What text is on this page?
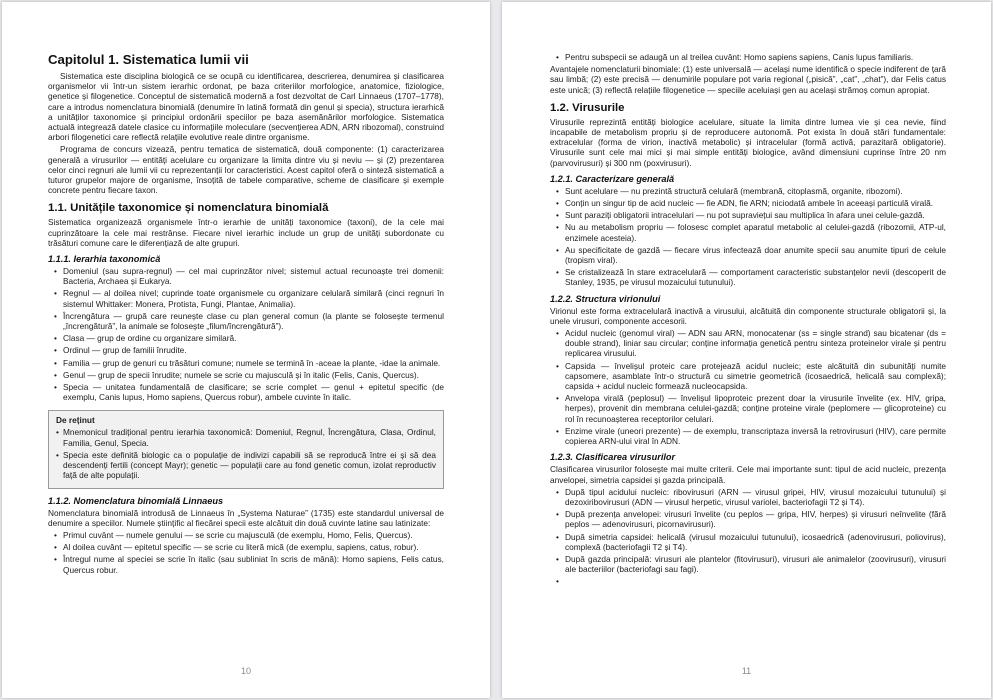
Capitolul 1. Sistematica lumii vii

Sistematica este disciplina biologică ce se ocupă cu identificarea, descrierea, denumirea și clasificarea organismelor vii într-un sistem ierarhic ordonat, pe baza criteriilor morfologice, anatomice, fiziologice, genetice și filogenetice. Conceptul de sistematică modernă a fost dezvoltat de Carl Linnaeus (1707–1778), care a introdus nomenclatura binomială (denumire în latină formată din genul și specia), structura ierarhică a unităților taxonomice și principiul ordonării speciilor pe baza asemănărilor morfologice. Sistematica actuală integrează datele clasice cu informațiile moleculare (secvențierea ADN, ARN ribozomal), construind arbori filogenetici care reflectă relațiile evolutive reale dintre organisme.

Programa de concurs vizează, pentru tematica de sistematică, două componente: (1) caracterizarea generală a virusurilor — entități acelulare cu organizare la limita dintre viu și neviu — și (2) prezentarea celor cinci regnuri ale lumii vii cu reprezentanții lor caracteristici. Acest capitol oferă o sinteză sistematică a tuturor grupelor majore de organisme, însoțită de tabele comparative, scheme de clasificare și exemple concrete pentru fiecare taxon.

1.1. Unitățile taxonomice și nomenclatura binomială

Sistematica organizează organismele într-o ierarhie de unități taxonomice (taxoni), de la cele mai cuprinzătoare la cele mai restrânse. Fiecare nivel ierarhic include un grup de unități subordonate cu trăsături comune care le diferențiază de alte grupuri.

1.1.1. Ierarhia taxonomică
• Domeniul (sau supra-regnul) — cel mai cuprinzător nivel; sistemul actual recunoaște trei domenii: Bacteria, Archaea și Eukarya.
• Regnul — al doilea nivel; cuprinde toate organismele cu organizare celulară similară (cinci regnuri în sistemul Whittaker: Monera, Protista, Fungi, Plantae, Animalia).
• Încrengătura — grupă care reunește clase cu plan general comun (la plante se folosește termenul „încrengătură”, la animale se folosește „filum/încrengătură”).
• Clasa — grup de ordine cu organizare similară.
• Ordinul — grup de familii înrudite.
• Familia — grup de genuri cu trăsături comune; numele se termină în -aceae la plante, -idae la animale.
• Genul — grup de specii înrudite; numele se scrie cu majusculă și în italic (Felis, Canis, Quercus).
• Specia — unitatea fundamentală de clasificare; se scrie complet — genul + epitetul specific (de exemplu, Canis lupus, Homo sapiens, Quercus robur), ambele cuvinte în italic.
De reținut
• Mnemonicul tradițional pentru ierarhia taxonomică: Domeniul, Regnul, Încrengătura, Clasa, Ordinul, Familia, Genul, Specia.
• Specia este definită biologic ca o populație de indivizi capabili să se reproducă între ei și să dea descendenți fertili (concept Mayr); genetic — populații care au fond genetic comun, izolat reproductiv față de alte populații.
1.1.2. Nomenclatura binomială Linnaeus

Nomenclatura binomială introdusă de Linnaeus în „Systema Naturae” (1735) este standardul universal de denumire a speciilor. Numele științific al fiecărei specii este alcătuit din două cuvinte latine sau latinizate:

• Primul cuvânt — numele genului — se scrie cu majusculă (de exemplu, Homo, Felis, Quercus).
• Al doilea cuvânt — epitetul specific — se scrie cu literă mică (de exemplu, sapiens, catus, robur).
• Întregul nume al speciei se scrie în italic (sau subliniat în scris de mână): Homo sapiens, Felis catus, Quercus robur.
10
• Pentru subspecii se adaugă un al treilea cuvânt: Homo sapiens sapiens, Canis lupus familiaris.

Avantajele nomenclaturii binomiale: (1) este universală — același nume identifică o specie indiferent de țară sau limbă; (2) este precisă — denumirile populare pot varia regional („pisică”, „cat”, „chat”), dar Felis catus este unică; (3) reflectă relațiile filogenetice — speciile aceluiași gen au același strămoș comun apropiat.

1.2. Virusurile

Virusurile reprezintă entități biologice acelulare, situate la limita dintre lumea vie și cea nevie, fiind incapabile de metabolism propriu și de reproducere autonomă. Pot exista în două stări fundamentale: extracelular (forma de virion, inactivă metabolic) și intracelular (formă activă, parazitară obligatorie). Virusurile sunt cele mai mici și mai simple entități biologice, având dimensiuni cuprinse între 20 nm (parvovirusuri) și 300 nm (poxvirusuri).

1.2.1. Caracterizare generală
• Sunt acelulare — nu prezintă structură celulară (membrană, citoplasmă, organite, ribozomi).
• Conțin un singur tip de acid nucleic — fie ADN, fie ARN; niciodată ambele în aceeași particulă virală.
• Sunt paraziți obligatorii intracelulari — nu pot supraviețui sau multiplica în afara unei celule-gazdă.
• Nu au metabolism propriu — folosesc complet aparatul metabolic al celulei-gazdă (ribozomii, ATP-ul, enzimele acesteia).
• Au specificitate de gazdă — fiecare virus infectează doar anumite specii sau anumite tipuri de celule (tropism viral).
• Se cristalizează în stare extracelulară — comportament caracteristic substanțelor nevii (descoperit de Stanley, 1935, pe virusul mozaicului tutunului).
1.2.2. Structura virionului

Virionul este forma extracelulară inactivă a virusului, alcătuită din componente structurale obligatorii și, la unele virusuri, componente accesorii.

• Acidul nucleic (genomul viral) — ADN sau ARN, monocatenar (ss = single strand) sau bicatenar (ds = double strand), liniar sau circular; conține informația genetică pentru sinteza proteinelor virale și pentru replicarea virusului.
• Capsida — învelișul proteic care protejează acidul nucleic; este alcătuită din subunități numite capsomere, asamblate într-o structură cu simetrie geometrică (icosaedrică, helicală sau complexă); capsida + acidul nucleic formează nucleocapsida.
• Anvelopa virală (peplosul) — învelișul lipoproteic prezent doar la virusurile învelite (ex. HIV, gripa, herpes), provenit din membrana celulei-gazdă; conține proteine virale (peplomere — glicoproteine) cu rol în recunoașterea receptorilor celulari.
• Enzime virale (uneori prezente) — de exemplu, transcriptaza inversă la retrovirusuri (HIV), care permite copierea ARN-ului viral în ADN.
1.2.3. Clasificarea virusurilor

Clasificarea virusurilor folosește mai multe criterii. Cele mai importante sunt: tipul de acid nucleic, prezența anvelopei, simetria capsidei și gazda principală.

• După tipul acidului nucleic: ribovirusuri (ARN — virusul gripei, HIV, virusul mozaicului tutunului) și dezoxiribovirusuri (ADN — virusul herpetic, virusul variolei, bacteriofagii T2 și T4).
• După prezența anvelopei: virusuri învelite (cu peplos — gripa, HIV, herpes) și virusuri neînvelite (fără peplos — adenovirusuri, picornavirusuri).
• După simetria capsidei: helicală (virusul mozaicului tutunului), icosaedrică (adenovirusuri, poliovirus), complexă (bacteriofagii T2 și T4).
• După gazda principală: virusuri ale plantelor (fitovirusuri), virusuri ale animalelor (zoovirusuri), virusuri ale bacteriilor (bacteriofagi sau fagi).
11
